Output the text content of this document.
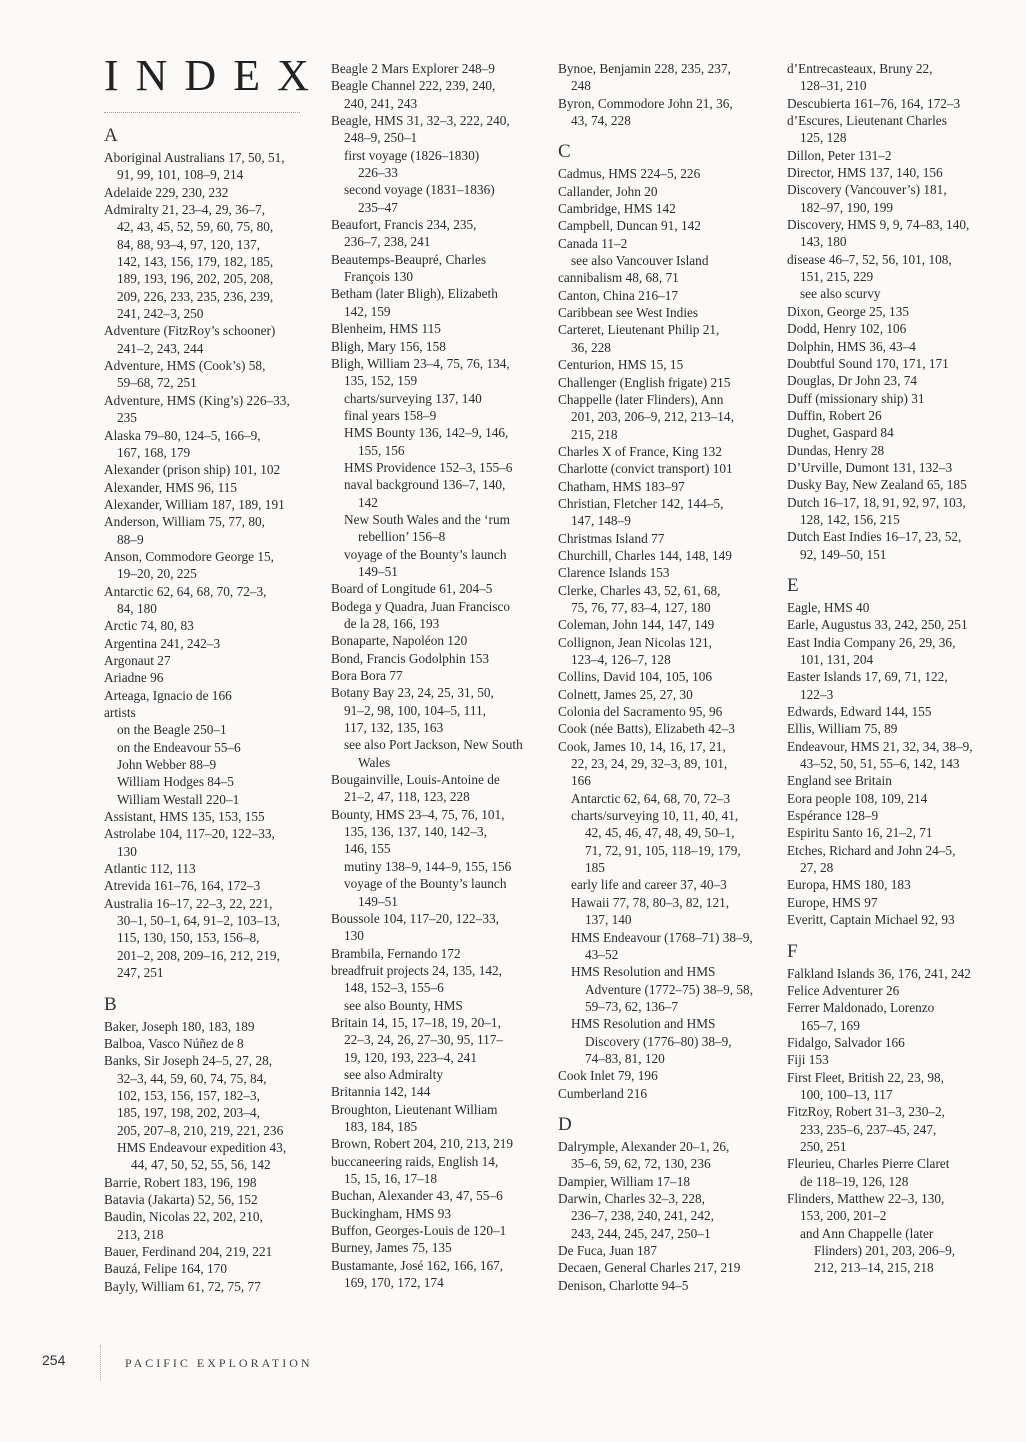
INDEX
A
Aboriginal Australians 17, 50, 51,
91, 99, 101, 108–9, 214
Adelaide 229, 230, 232
Admiralty 21, 23–4, 29, 36–7,
42, 43, 45, 52, 59, 60, 75, 80,
84, 88, 93–4, 97, 120, 137,
142, 143, 156, 179, 182, 185,
189, 193, 196, 202, 205, 208,
209, 226, 233, 235, 236, 239,
241, 242–3, 250
Adventure (FitzRoy’s schooner)
241–2, 243, 244
Adventure, HMS (Cook’s) 58,
59–68, 72, 251
Adventure, HMS (King’s) 226–33,
235
Alaska 79–80, 124–5, 166–9,
167, 168, 179
Alexander (prison ship) 101, 102
Alexander, HMS 96, 115
Alexander, William 187, 189, 191
Anderson, William 75, 77, 80,
88–9
Anson, Commodore George 15,
19–20, 20, 225
Antarctic 62, 64, 68, 70, 72–3,
84, 180
Arctic 74, 80, 83
Argentina 241, 242–3
Argonaut 27
Ariadne 96
Arteaga, Ignacio de 166
artists
on the Beagle 250–1
on the Endeavour 55–6
John Webber 88–9
William Hodges 84–5
William Westall 220–1
Assistant, HMS 135, 153, 155
Astrolabe 104, 117–20, 122–33,
130
Atlantic 112, 113
Atrevida 161–76, 164, 172–3
Australia 16–17, 22–3, 22, 221,
30–1, 50–1, 64, 91–2, 103–13,
115, 130, 150, 153, 156–8,
201–2, 208, 209–16, 212, 219,
247, 251
B
Baker, Joseph 180, 183, 189
Balboa, Vasco Núñez de 8
Banks, Sir Joseph 24–5, 27, 28,
32–3, 44, 59, 60, 74, 75, 84,
102, 153, 156, 157, 182–3,
185, 197, 198, 202, 203–4,
205, 207–8, 210, 219, 221, 236
HMS Endeavour expedition 43,
44, 47, 50, 52, 55, 56, 142
Barrie, Robert 183, 196, 198
Batavia (Jakarta) 52, 56, 152
Baudin, Nicolas 22, 202, 210,
213, 218
Bauer, Ferdinand 204, 219, 221
Bauzá, Felipe 164, 170
Bayly, William 61, 72, 75, 77
Beagle 2 Mars Explorer 248–9
Beagle Channel 222, 239, 240,
240, 241, 243
Beagle, HMS 31, 32–3, 222, 240,
248–9, 250–1
first voyage (1826–1830)
226–33
second voyage (1831–1836)
235–47
Beaufort, Francis 234, 235,
236–7, 238, 241
Beautemps-Beaupré, Charles
François 130
Betham (later Bligh), Elizabeth
142, 159
Blenheim, HMS 115
Bligh, Mary 156, 158
Bligh, William 23–4, 75, 76, 134,
135, 152, 159
charts/surveying 137, 140
final years 158–9
HMS Bounty 136, 142–9, 146,
155, 156
HMS Providence 152–3, 155–6
naval background 136–7, 140,
142
New South Wales and the ‘rum
rebellion’ 156–8
voyage of the Bounty’s launch
149–51
Board of Longitude 61, 204–5
Bodega y Quadra, Juan Francisco
de la 28, 166, 193
Bonaparte, Napoléon 120
Bond, Francis Godolphin 153
Bora Bora 77
Botany Bay 23, 24, 25, 31, 50,
91–2, 98, 100, 104–5, 111,
117, 132, 135, 163
see also Port Jackson, New South
Wales
Bougainville, Louis-Antoine de
21–2, 47, 118, 123, 228
Bounty, HMS 23–4, 75, 76, 101,
135, 136, 137, 140, 142–3,
146, 155
mutiny 138–9, 144–9, 155, 156
voyage of the Bounty’s launch
149–51
Boussole 104, 117–20, 122–33,
130
Brambila, Fernando 172
breadfruit projects 24, 135, 142,
148, 152–3, 155–6
see also Bounty, HMS
Britain 14, 15, 17–18, 19, 20–1,
22–3, 24, 26, 27–30, 95, 117–
19, 120, 193, 223–4, 241
see also Admiralty
Britannia 142, 144
Broughton, Lieutenant William
183, 184, 185
Brown, Robert 204, 210, 213, 219
buccaneering raids, English 14,
15, 15, 16, 17–18
Buchan, Alexander 43, 47, 55–6
Buckingham, HMS 93
Buffon, Georges-Louis de 120–1
Burney, James 75, 135
Bustamante, José 162, 166, 167,
169, 170, 172, 174
Bynoe, Benjamin 228, 235, 237,
248
Byron, Commodore John 21, 36,
43, 74, 228
C
Cadmus, HMS 224–5, 226
Callander, John 20
Cambridge, HMS 142
Campbell, Duncan 91, 142
Canada 11–2
see also Vancouver Island
cannibalism 48, 68, 71
Canton, China 216–17
Caribbean see West Indies
Carteret, Lieutenant Philip 21,
36, 228
Centurion, HMS 15, 15
Challenger (English frigate) 215
Chappelle (later Flinders), Ann
201, 203, 206–9, 212, 213–14,
215, 218
Charles X of France, King 132
Charlotte (convict transport) 101
Chatham, HMS 183–97
Christian, Fletcher 142, 144–5,
147, 148–9
Christmas Island 77
Churchill, Charles 144, 148, 149
Clarence Islands 153
Clerke, Charles 43, 52, 61, 68,
75, 76, 77, 83–4, 127, 180
Coleman, John 144, 147, 149
Collignon, Jean Nicolas 121,
123–4, 126–7, 128
Collins, David 104, 105, 106
Colnett, James 25, 27, 30
Colonia del Sacramento 95, 96
Cook (née Batts), Elizabeth 42–3
Cook, James 10, 14, 16, 17, 21,
22, 23, 24, 29, 32–3, 89, 101,
166
Antarctic 62, 64, 68, 70, 72–3
charts/surveying 10, 11, 40, 41,
42, 45, 46, 47, 48, 49, 50–1,
71, 72, 91, 105, 118–19, 179,
185
early life and career 37, 40–3
Hawaii 77, 78, 80–3, 82, 121,
137, 140
HMS Endeavour (1768–71) 38–9,
43–52
HMS Resolution and HMS
Adventure (1772–75) 38–9, 58,
59–73, 62, 136–7
HMS Resolution and HMS
Discovery (1776–80) 38–9,
74–83, 81, 120
Cook Inlet 79, 196
Cumberland 216
D
Dalrymple, Alexander 20–1, 26,
35–6, 59, 62, 72, 130, 236
Dampier, William 17–18
Darwin, Charles 32–3, 228,
236–7, 238, 240, 241, 242,
243, 244, 245, 247, 250–1
De Fuca, Juan 187
Decaen, General Charles 217, 219
Denison, Charlotte 94–5
d’Entrecasteaux, Bruny 22,
128–31, 210
Descubierta 161–76, 164, 172–3
d’Escures, Lieutenant Charles
125, 128
Dillon, Peter 131–2
Director, HMS 137, 140, 156
Discovery (Vancouver’s) 181,
182–97, 190, 199
Discovery, HMS 9, 9, 74–83, 140,
143, 180
disease 46–7, 52, 56, 101, 108,
151, 215, 229
see also scurvy
Dixon, George 25, 135
Dodd, Henry 102, 106
Dolphin, HMS 36, 43–4
Doubtful Sound 170, 171, 171
Douglas, Dr John 23, 74
Duff (missionary ship) 31
Duffin, Robert 26
Dughet, Gaspard 84
Dundas, Henry 28
D’Urville, Dumont 131, 132–3
Dusky Bay, New Zealand 65, 185
Dutch 16–17, 18, 91, 92, 97, 103,
128, 142, 156, 215
Dutch East Indies 16–17, 23, 52,
92, 149–50, 151
E
Eagle, HMS 40
Earle, Augustus 33, 242, 250, 251
East India Company 26, 29, 36,
101, 131, 204
Easter Islands 17, 69, 71, 122,
122–3
Edwards, Edward 144, 155
Ellis, William 75, 89
Endeavour, HMS 21, 32, 34, 38–9,
43–52, 50, 51, 55–6, 142, 143
England see Britain
Eora people 108, 109, 214
Espérance 128–9
Espiritu Santo 16, 21–2, 71
Etches, Richard and John 24–5,
27, 28
Europa, HMS 180, 183
Europe, HMS 97
Everitt, Captain Michael 92, 93
F
Falkland Islands 36, 176, 241, 242
Felice Adventurer 26
Ferrer Maldonado, Lorenzo
165–7, 169
Fidalgo, Salvador 166
Fiji 153
First Fleet, British 22, 23, 98,
100, 100–13, 117
FitzRoy, Robert 31–3, 230–2,
233, 235–6, 237–45, 247,
250, 251
Fleurieu, Charles Pierre Claret
de 118–19, 126, 128
Flinders, Matthew 22–3, 130,
153, 200, 201–2
and Ann Chappelle (later
Flinders) 201, 203, 206–9,
212, 213–14, 215, 218
254	PACIFIC EXPLORATION
